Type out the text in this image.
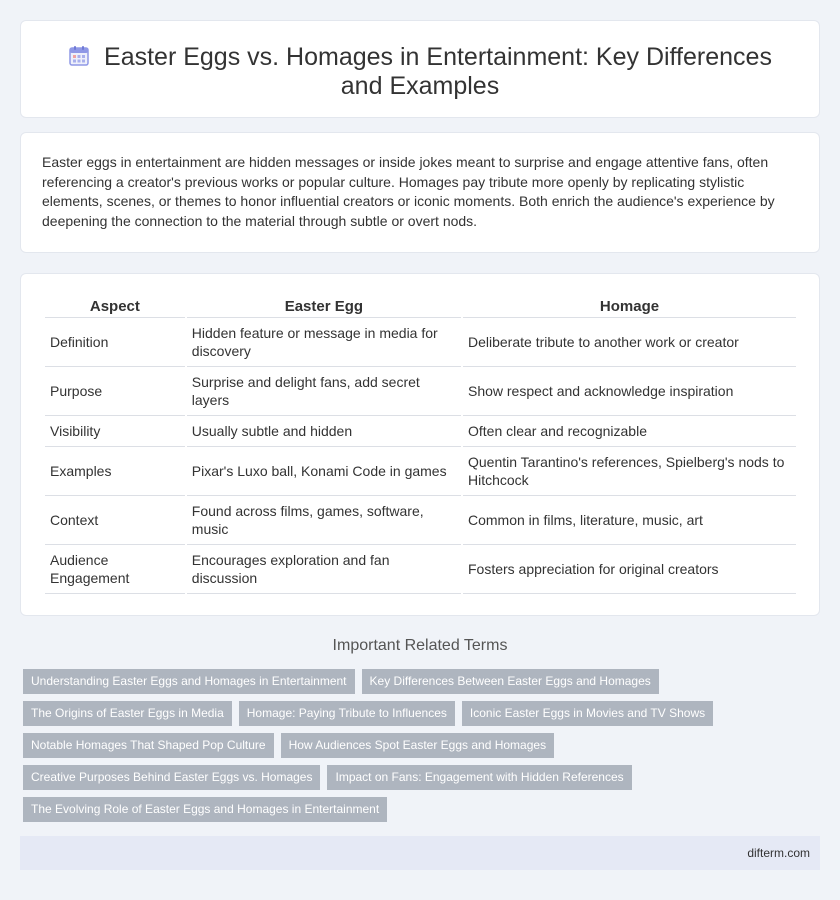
Easter Eggs vs. Homages in Entertainment: Key Differences and Examples

Easter eggs in entertainment are hidden messages or inside jokes meant to surprise and engage attentive fans, often referencing a creator's previous works or popular culture. Homages pay tribute more openly by replicating stylistic elements, scenes, or themes to honor influential creators or iconic moments. Both enrich the audience's experience by deepening the connection to the material through subtle or overt nods.

Aspect	Easter Egg	Homage
Definition	Hidden feature or message in media for discovery	Deliberate tribute to another work or creator
Purpose	Surprise and delight fans, add secret layers	Show respect and acknowledge inspiration
Visibility	Usually subtle and hidden	Often clear and recognizable
Examples	Pixar's Luxo ball, Konami Code in games	Quentin Tarantino's references, Spielberg's nods to Hitchcock
Context	Found across films, games, software, music	Common in films, literature, music, art
Audience Engagement	Encourages exploration and fan discussion	Fosters appreciation for original creators
Important Related Terms
Understanding Easter Eggs and Homages in Entertainment	Key Differences Between Easter Eggs and Homages
The Origins of Easter Eggs in Media	Homage: Paying Tribute to Influences	Iconic Easter Eggs in Movies and TV Shows
Notable Homages That Shaped Pop Culture	How Audiences Spot Easter Eggs and Homages
Creative Purposes Behind Easter Eggs vs. Homages	Impact on Fans: Engagement with Hidden References
The Evolving Role of Easter Eggs and Homages in Entertainment
difterm.com
